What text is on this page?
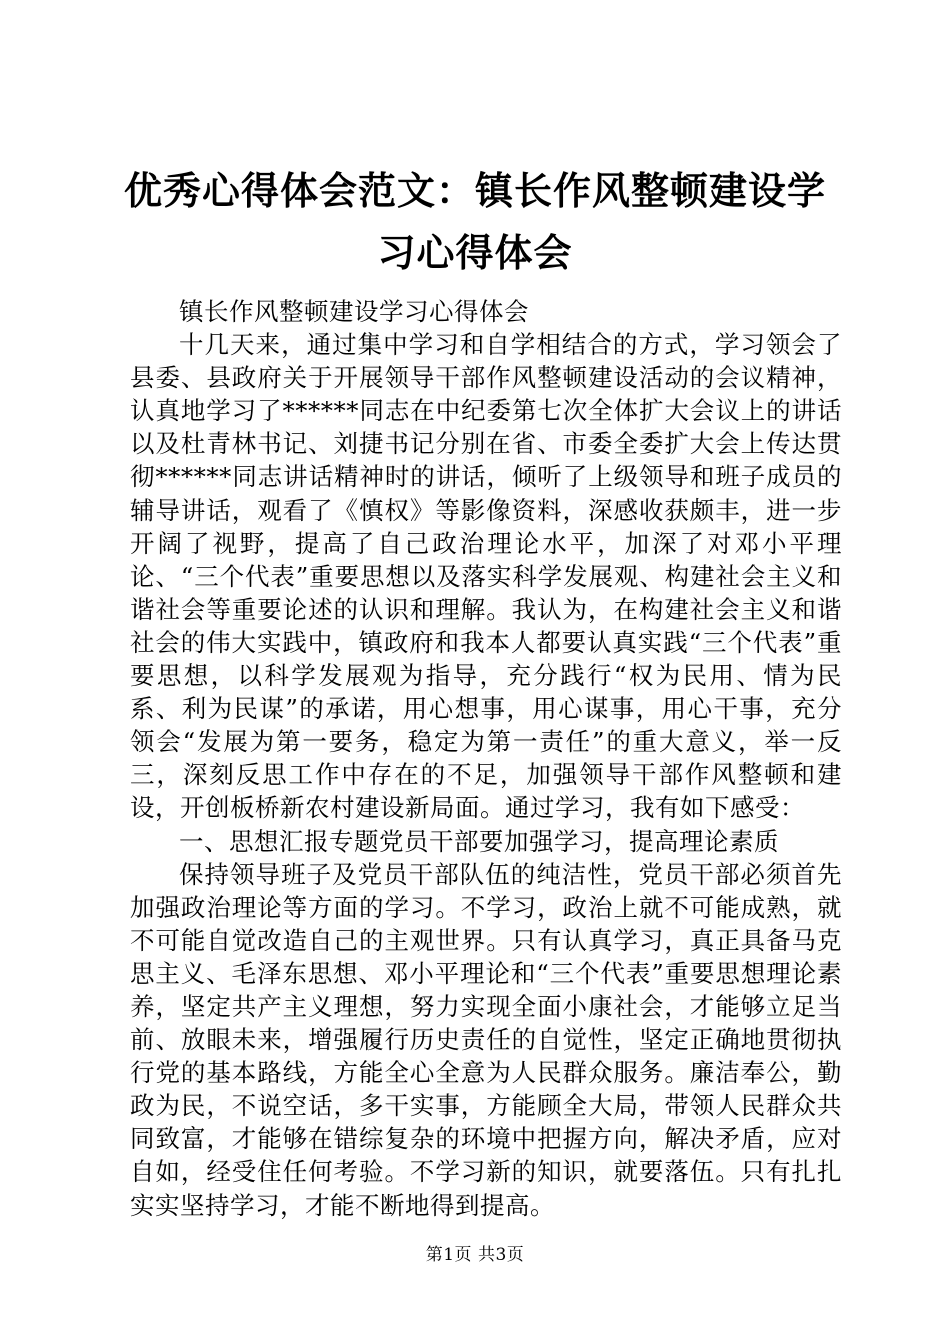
优秀心得体会范文：镇长作风整顿建设学习心得体会

镇长作风整顿建设学习心得体会

十几天来，通过集中学习和自学相结合的方式，学习领会了县委、县政府关于开展领导干部作风整顿建设活动的会议精神，认真地学习了******同志在中纪委第七次全体扩大会议上的讲话以及杜青林书记、刘捷书记分别在省、市委全委扩大会上传达贯彻******同志讲话精神时的讲话，倾听了上级领导和班子成员的辅导讲话，观看了《慎权》等影像资料，深感收获颇丰，进一步开阔了视野，提高了自己政治理论水平，加深了对邓小平理论、“三个代表”重要思想以及落实科学发展观、构建社会主义和谐社会等重要论述的认识和理解。我认为，在构建社会主义和谐社会的伟大实践中，镇政府和我本人都要认真实践“三个代表”重要思想，以科学发展观为指导，充分践行“权为民用、情为民系、利为民谋”的承诺，用心想事，用心谋事，用心干事，充分领会“发展为第一要务，稳定为第一责任”的重大意义，举一反三，深刻反思工作中存在的不足，加强领导干部作风整顿和建设，开创板桥新农村建设新局面。通过学习，我有如下感受：

一、思想汇报专题党员干部要加强学习，提高理论素质

保持领导班子及党员干部队伍的纯洁性，党员干部必须首先加强政治理论等方面的学习。不学习，政治上就不可能成熟，就不可能自觉改造自己的主观世界。只有认真学习，真正具备马克思主义、毛泽东思想、邓小平理论和“三个代表”重要思想理论素养，坚定共产主义理想，努力实现全面小康社会，才能够立足当前、放眼未来，增强履行历史责任的自觉性，坚定正确地贯彻执行党的基本路线，方能全心全意为人民群众服务。廉洁奉公，勤政为民，不说空话，多干实事，方能顾全大局，带领人民群众共同致富，才能够在错综复杂的环境中把握方向，解决矛盾，应对自如，经受住任何考验。不学习新的知识，就要落伍。只有扎扎实实坚持学习，才能不断地得到提高。

第1页 共3页
